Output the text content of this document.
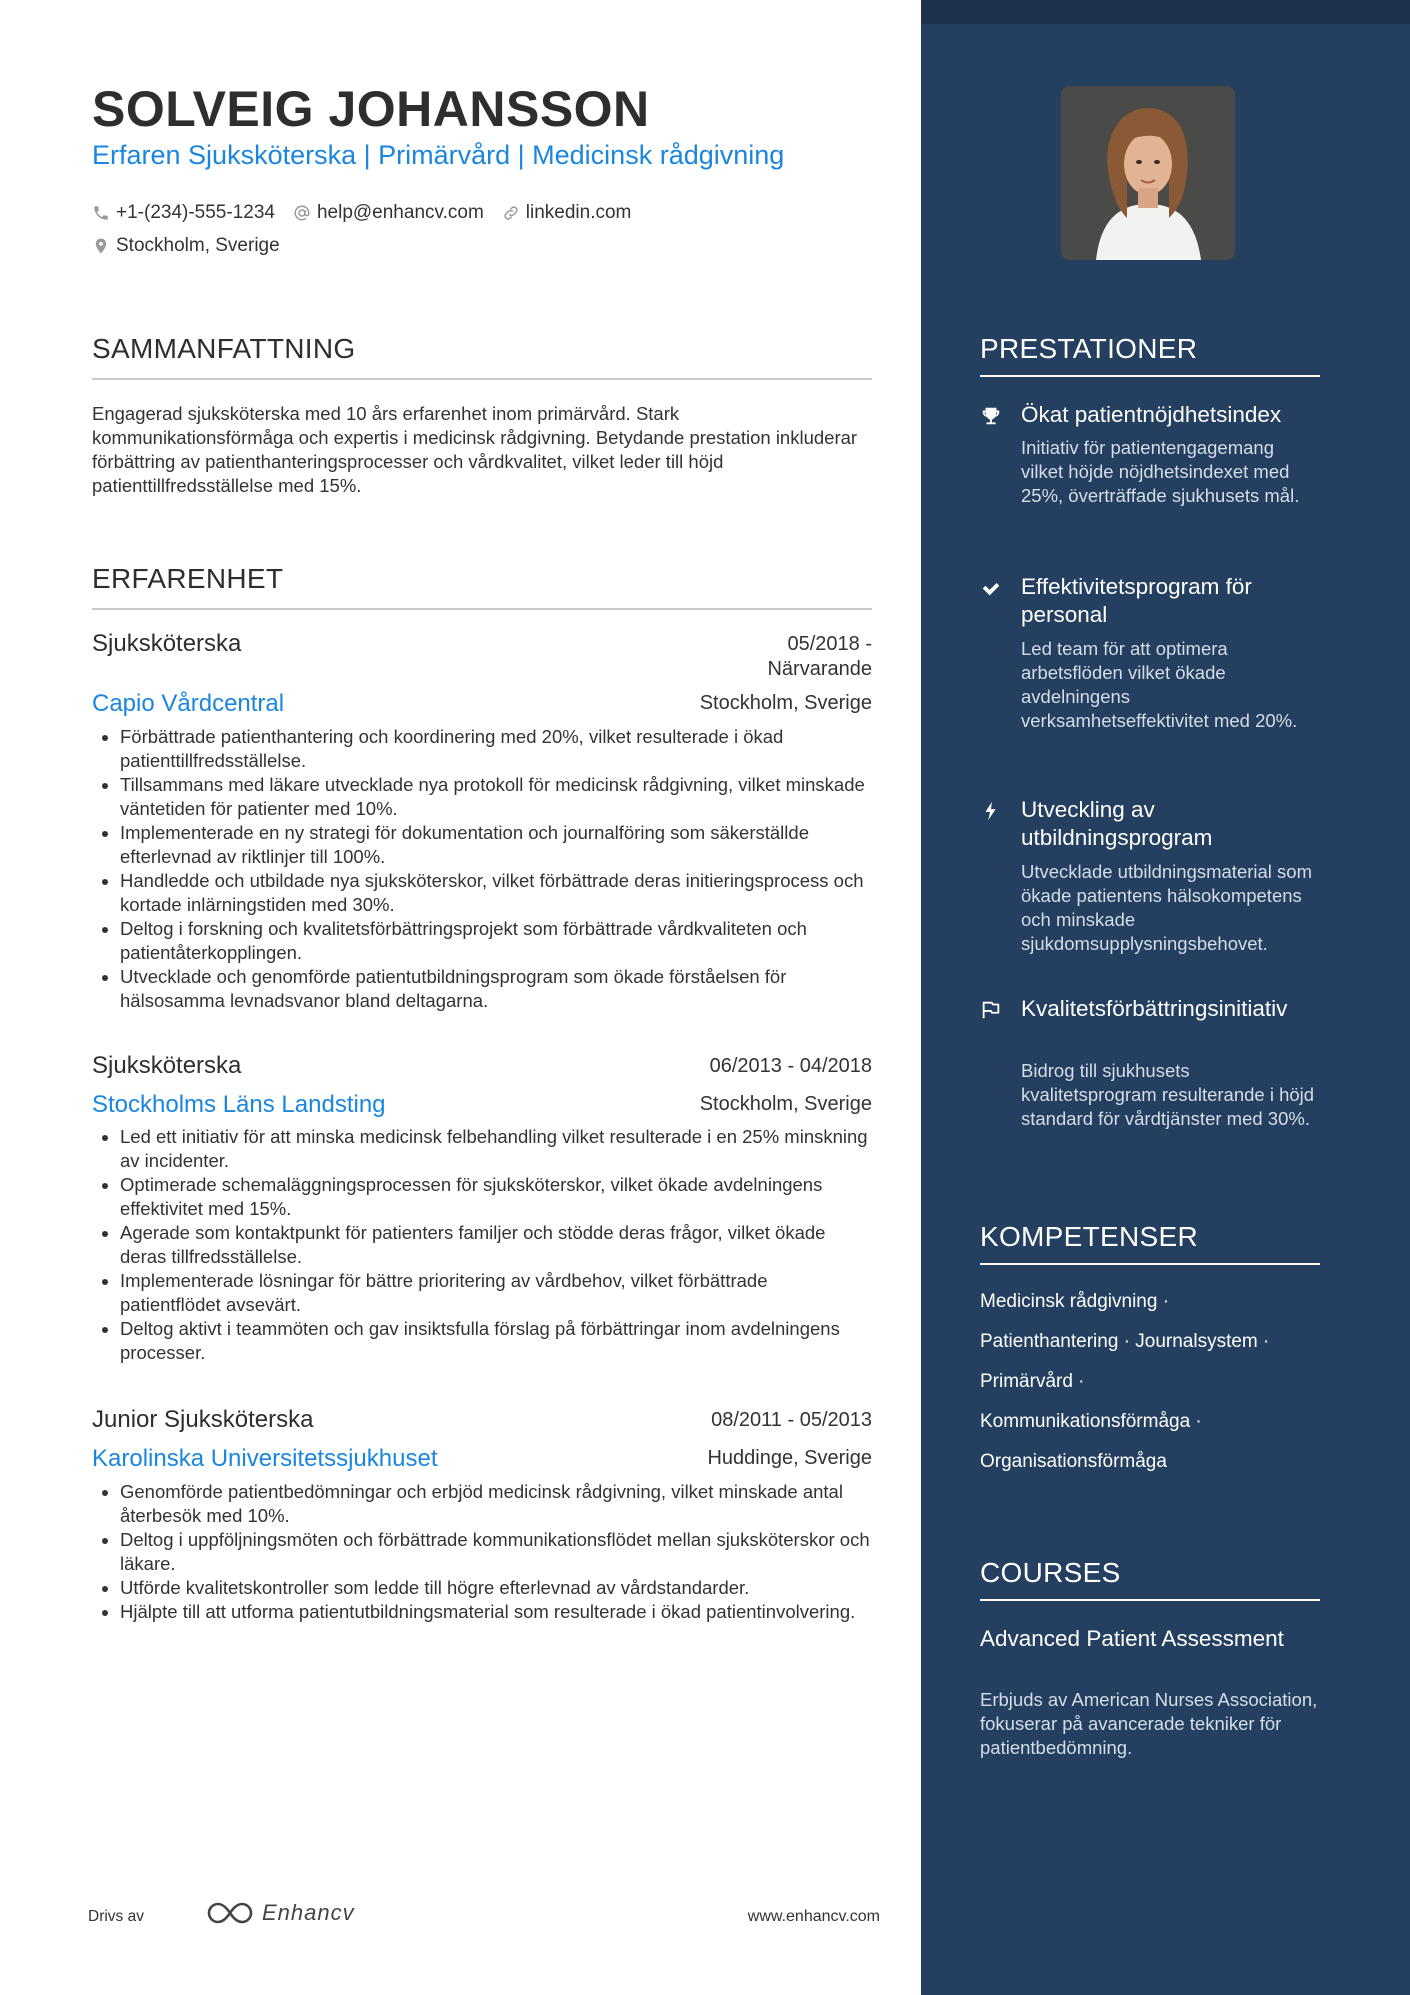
SOLVEIG JOHANSSON
Erfaren Sjuksköterska | Primärvård | Medicinsk rådgivning
+1-(234)-555-1234 help@enhancv.com linkedin.com
Stockholm, Sverige
SAMMANFATTNING
Engagerad sjuksköterska med 10 års erfarenhet inom primärvård. Stark kommunikationsförmåga och expertis i medicinsk rådgivning. Betydande prestation inkluderar förbättring av patienthanteringsprocesser och vårdkvalitet, vilket leder till höjd patienttillfredsställelse med 15%.
ERFARENHET
Sjuksköterska	05/2018 - Närvarande
Capio Vårdcentral	Stockholm, Sverige
• Förbättrade patienthantering och koordinering med 20%, vilket resulterade i ökad patienttillfredsställelse.
• Tillsammans med läkare utvecklade nya protokoll för medicinsk rådgivning, vilket minskade väntetiden för patienter med 10%.
• Implementerade en ny strategi för dokumentation och journalföring som säkerställde efterlevnad av riktlinjer till 100%.
• Handledde och utbildade nya sjuksköterskor, vilket förbättrade deras initieringsprocess och kortade inlärningstiden med 30%.
• Deltog i forskning och kvalitetsförbättringsprojekt som förbättrade vårdkvaliteten och patientåterkopplingen.
• Utvecklade och genomförde patientutbildningsprogram som ökade förståelsen för hälsosamma levnadsvanor bland deltagarna.
Sjuksköterska	06/2013 - 04/2018
Stockholms Läns Landsting	Stockholm, Sverige
• Led ett initiativ för att minska medicinsk felbehandling vilket resulterade i en 25% minskning av incidenter.
• Optimerade schemaläggningsprocessen för sjuksköterskor, vilket ökade avdelningens effektivitet med 15%.
• Agerade som kontaktpunkt för patienters familjer och stödde deras frågor, vilket ökade deras tillfredsställelse.
• Implementerade lösningar för bättre prioritering av vårdbehov, vilket förbättrade patientflödet avsevärt.
• Deltog aktivt i teammöten och gav insiktsfulla förslag på förbättringar inom avdelningens processer.
Junior Sjuksköterska	08/2011 - 05/2013
Karolinska Universitetssjukhuset	Huddinge, Sverige
• Genomförde patientbedömningar och erbjöd medicinsk rådgivning, vilket minskade antal återbesök med 10%.
• Deltog i uppföljningsmöten och förbättrade kommunikationsflödet mellan sjuksköterskor och läkare.
• Utförde kvalitetskontroller som ledde till högre efterlevnad av vårdstandarder.
• Hjälpte till att utforma patientutbildningsmaterial som resulterade i ökad patientinvolvering.
Drivs av	Enhancv	www.enhancv.com
PRESTATIONER
Ökat patientnöjdhetsindex
Initiativ för patientengagemang vilket höjde nöjdhetsindexet med 25%, överträffade sjukhusets mål.
Effektivitetsprogram för personal
Led team för att optimera arbetsflöden vilket ökade avdelningens verksamhetseffektivitet med 20%.
Utveckling av utbildningsprogram
Utvecklade utbildningsmaterial som ökade patientens hälsokompetens och minskade sjukdomsupplysningsbehovet.
Kvalitetsförbättringsinitiativ
Bidrog till sjukhusets kvalitetsprogram resulterande i höjd standard för vårdtjänster med 30%.
KOMPETENSER
Medicinsk rådgivning ·
Patienthantering · Journalsystem ·
Primärvård ·
Kommunikationsförmåga ·
Organisationsförmåga
COURSES
Advanced Patient Assessment
Erbjuds av American Nurses Association, fokuserar på avancerade tekniker för patientbedömning.
